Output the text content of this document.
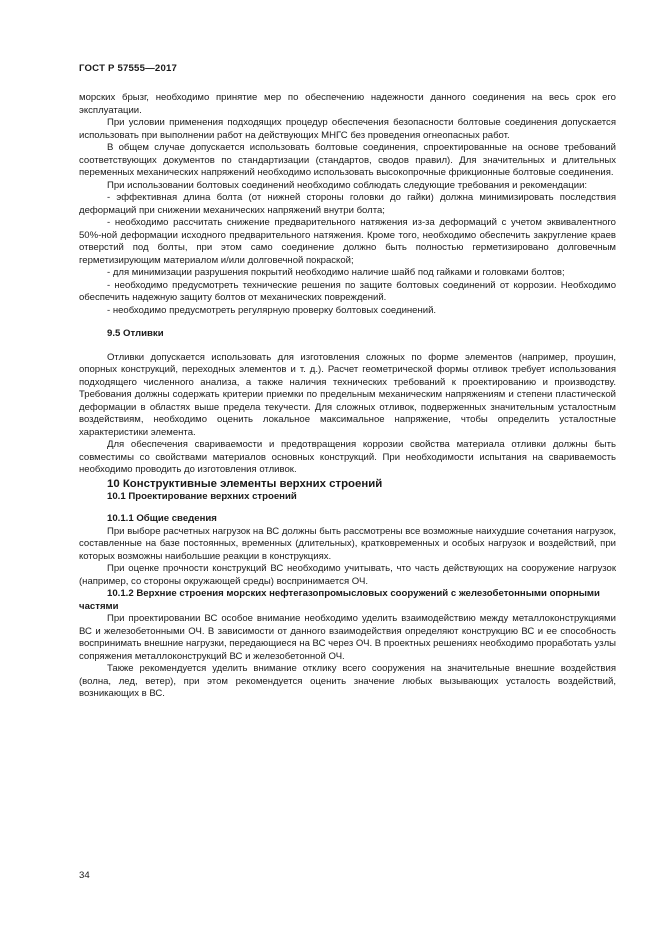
ГОСТ Р 57555—2017

морских брызг, необходимо принятие мер по обеспечению надежности данного соединения на весь срок его эксплуатации.

При условии применения подходящих процедур обеспечения безопасности болтовые соединения допускается использовать при выполнении работ на действующих МНГС без проведения огнеопасных работ.

В общем случае допускается использовать болтовые соединения, спроектированные на основе требований соответствующих документов по стандартизации (стандартов, сводов правил). Для значительных и длительных переменных механических напряжений необходимо использовать высокопрочные фрикционные болтовые соединения.

При использовании болтовых соединений необходимо соблюдать следующие требования и рекомендации:

- эффективная длина болта (от нижней стороны головки до гайки) должна минимизировать последствия деформаций при снижении механических напряжений внутри болта;

- необходимо рассчитать снижение предварительного натяжения из-за деформаций с учетом эквивалентного 50%-ной деформации исходного предварительного натяжения. Кроме того, необходимо обеспечить закругление краев отверстий под болты, при этом само соединение должно быть полностью герметизировано долговечным герметизирующим материалом и/или долговечной покраской;

- для минимизации разрушения покрытий необходимо наличие шайб под гайками и головками болтов;

- необходимо предусмотреть технические решения по защите болтовых соединений от коррозии. Необходимо обеспечить надежную защиту болтов от механических повреждений.

- необходимо предусмотреть регулярную проверку болтовых соединений.

9.5 Отливки

Отливки допускается использовать для изготовления сложных по форме элементов (например, проушин, опорных конструкций, переходных элементов и т. д.). Расчет геометрической формы отливок требует использования подходящего численного анализа, а также наличия технических требований к проектированию и производству. Требования должны содержать критерии приемки по предельным механическим напряжениям и степени пластической деформации в областях выше предела текучести. Для сложных отливок, подверженных значительным усталостным воздействиям, необходимо оценить локальное максимальное напряжение, чтобы определить усталостные характеристики элемента.

Для обеспечения свариваемости и предотвращения коррозии свойства материала отливки должны быть совместимы со свойствами материалов основных конструкций. При необходимости испытания на свариваемость необходимо проводить до изготовления отливок.

10 Конструктивные элементы верхних строений

10.1 Проектирование верхних строений

10.1.1 Общие сведения

При выборе расчетных нагрузок на ВС должны быть рассмотрены все возможные наихудшие сочетания нагрузок, составленные на базе постоянных, временных (длительных), кратковременных и особых нагрузок и воздействий, при которых возможны наибольшие реакции в конструкциях.

При оценке прочности конструкций ВС необходимо учитывать, что часть действующих на сооружение нагрузок (например, со стороны окружающей среды) воспринимается ОЧ.

10.1.2 Верхние строения морских нефтегазопромысловых сооружений с железобетонными опорными частями

При проектировании ВС особое внимание необходимо уделить взаимодействию между металлоконструкциями ВС и железобетонными ОЧ. В зависимости от данного взаимодействия определяют конструкцию ВС и ее способность воспринимать внешние нагрузки, передающиеся на ВС через ОЧ. В проектных решениях необходимо проработать узлы сопряжения металлоконструкций ВС и железобетонной ОЧ.

Также рекомендуется уделить внимание отклику всего сооружения на значительные внешние воздействия (волна, лед, ветер), при этом рекомендуется оценить значение любых вызывающих усталость воздействий, возникающих в ВС.

34
